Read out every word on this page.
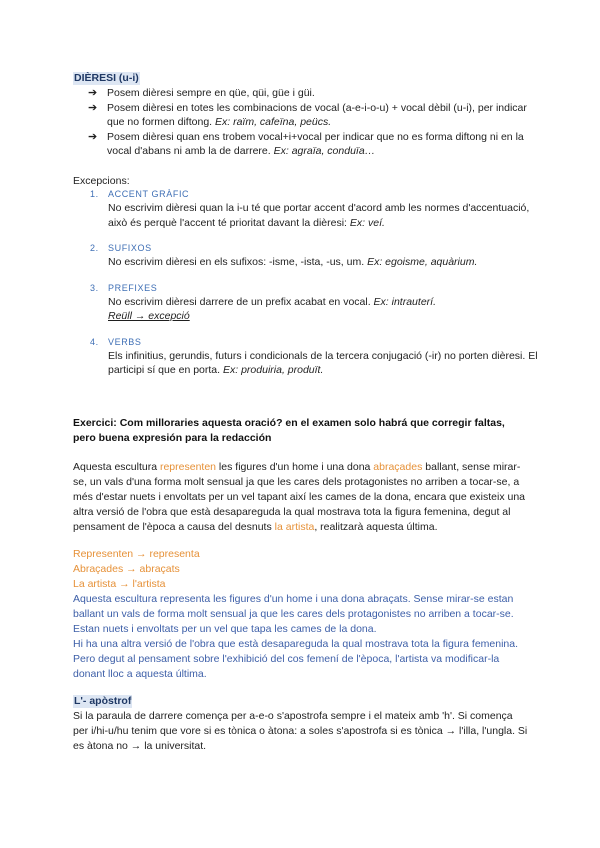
DIÈRESI (u-i)
➔ Posem dièresi sempre en qüe, qüi, güe i güi.
➔ Posem dièresi en totes les combinacions de vocal (a-e-i-o-u) + vocal dèbil (u-i), per indicar que no formen diftong. Ex: raïm, cafeïna, peücs.
➔ Posem dièresi quan ens trobem vocal+i+vocal per indicar que no es forma diftong ni en la vocal d'abans ni amb la de darrere. Ex: agraïa, conduïa…
Excepcions:
1.	ACCENT GRÀFIC
No escrivim dièresi quan la i-u té que portar accent d'acord amb les normes d'accentuació, això és perquè l'accent té prioritat davant la dièresi: Ex: veí.
2.	SUFIXOS
No escrivim dièresi en els sufixos: -isme, -ista, -us, um. Ex: egoisme, aquàrium.
3.	PREFIXES
No escrivim dièresi darrere de un prefix acabat en vocal. Ex: intrauterí.
Reüll → excepció
4.	VERBS
Els infinitius, gerundis, futurs i condicionals de la tercera conjugació (-ir) no porten dièresi. El participi sí que en porta. Ex: produiria, produït.
Exercici: Com milloraries aquesta oració? en el examen solo habrá que corregir faltas, pero buena expresión para la redacción
Aquesta escultura representen les figures d'un home i una dona abraçades ballant, sense mirar-se, un vals d'una forma molt sensual ja que les cares dels protagonistes no arriben a tocar-se, a més d'estar nuets i envoltats per un vel tapant així les cames de la dona, encara que existeix una altra versió de l'obra que està desapareguda la qual mostrava tota la figura femenina, degut al pensament de l'època a causa del desnuts la artista, realitzarà aquesta última.
Representen → representa
Abraçades → abraçats
La artista → l'artista
Aquesta escultura representa les figures d'un home i una dona abraçats. Sense mirar-se estan ballant un vals de forma molt sensual ja que les cares dels protagonistes no arriben a tocar-se. Estan nuets i envoltats per un vel que tapa les cames de la dona.
Hi ha una altra versió de l'obra que està desapareguda la qual mostrava tota la figura femenina. Pero degut al pensament sobre l'exhibició del cos femení de l'època, l'artista va modificar-la donant lloc a aquesta última.
L'- apòstrof
Si la paraula de darrere comença per a-e-o s'apostrofa sempre i el mateix amb 'h'. Si comença per i/hi-u/hu tenim que vore si es tònica o àtona: a soles s'apostrofa si es tònica → l'illa, l'ungla. Si es àtona no → la universitat.
